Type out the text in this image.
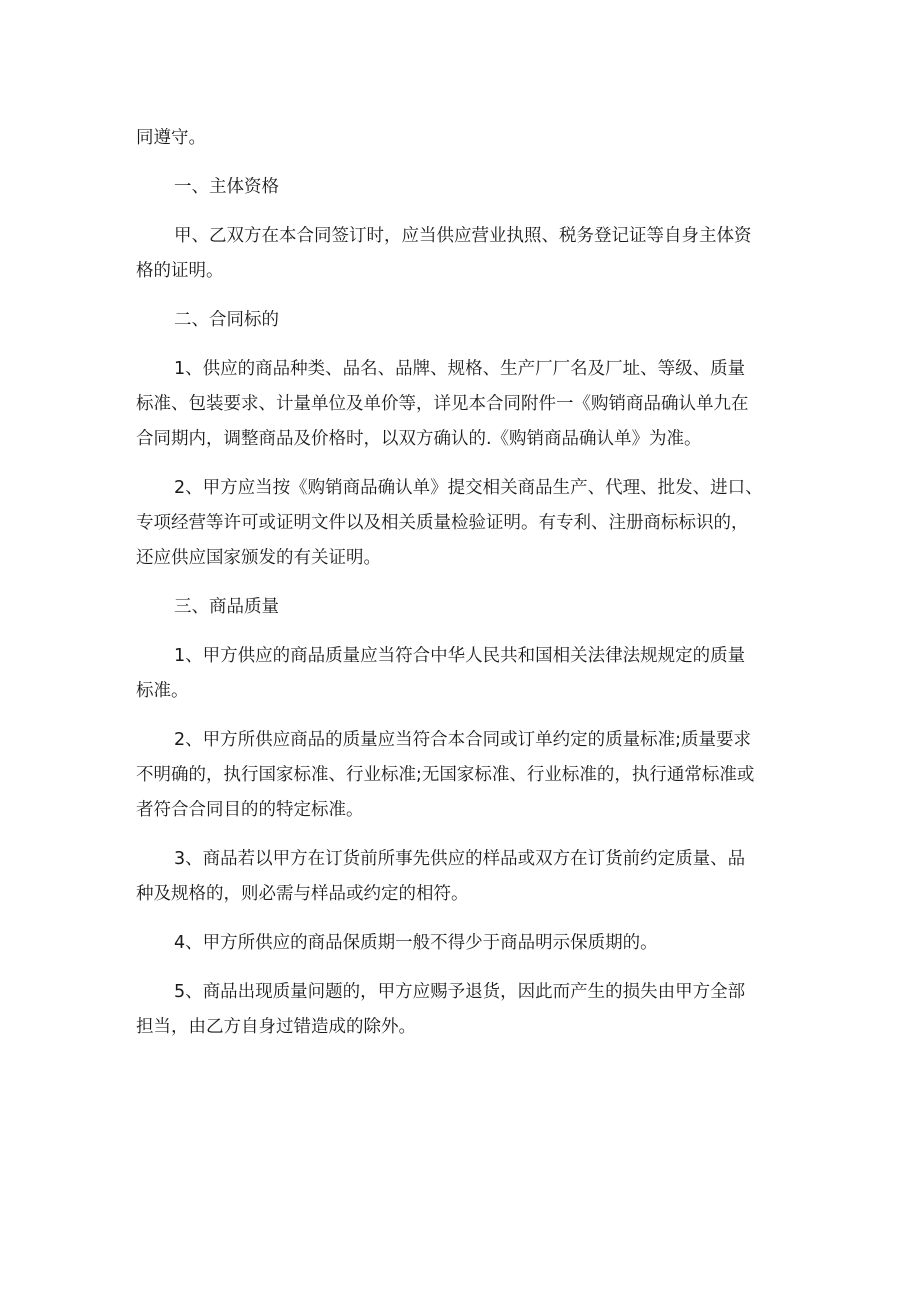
同遵守。
一、主体资格
甲、乙双方在本合同签订时，应当供应营业执照、税务登记证等自身主体资
格的证明。
二、合同标的
1、供应的商品种类、品名、品牌、规格、生产厂厂名及厂址、等级、质量
标准、包装要求、计量单位及单价等，详见本合同附件一《购销商品确认单九在
合同期内，调整商品及价格时，以双方确认的.《购销商品确认单》为准。
2、甲方应当按《购销商品确认单》提交相关商品生产、代理、批发、进口、
专项经营等许可或证明文件以及相关质量检验证明。有专利、注册商标标识的，
还应供应国家颁发的有关证明。
三、商品质量
1、甲方供应的商品质量应当符合中华人民共和国相关法律法规规定的质量
标准。
2、甲方所供应商品的质量应当符合本合同或订单约定的质量标准;质量要求
不明确的，执行国家标准、行业标准;无国家标准、行业标准的，执行通常标准或
者符合合同目的的特定标准。
3、商品若以甲方在订货前所事先供应的样品或双方在订货前约定质量、品
种及规格的，则必需与样品或约定的相符。
4、甲方所供应的商品保质期一般不得少于商品明示保质期的。
5、商品出现质量问题的，甲方应赐予退货，因此而产生的损失由甲方全部
担当，由乙方自身过错造成的除外。
